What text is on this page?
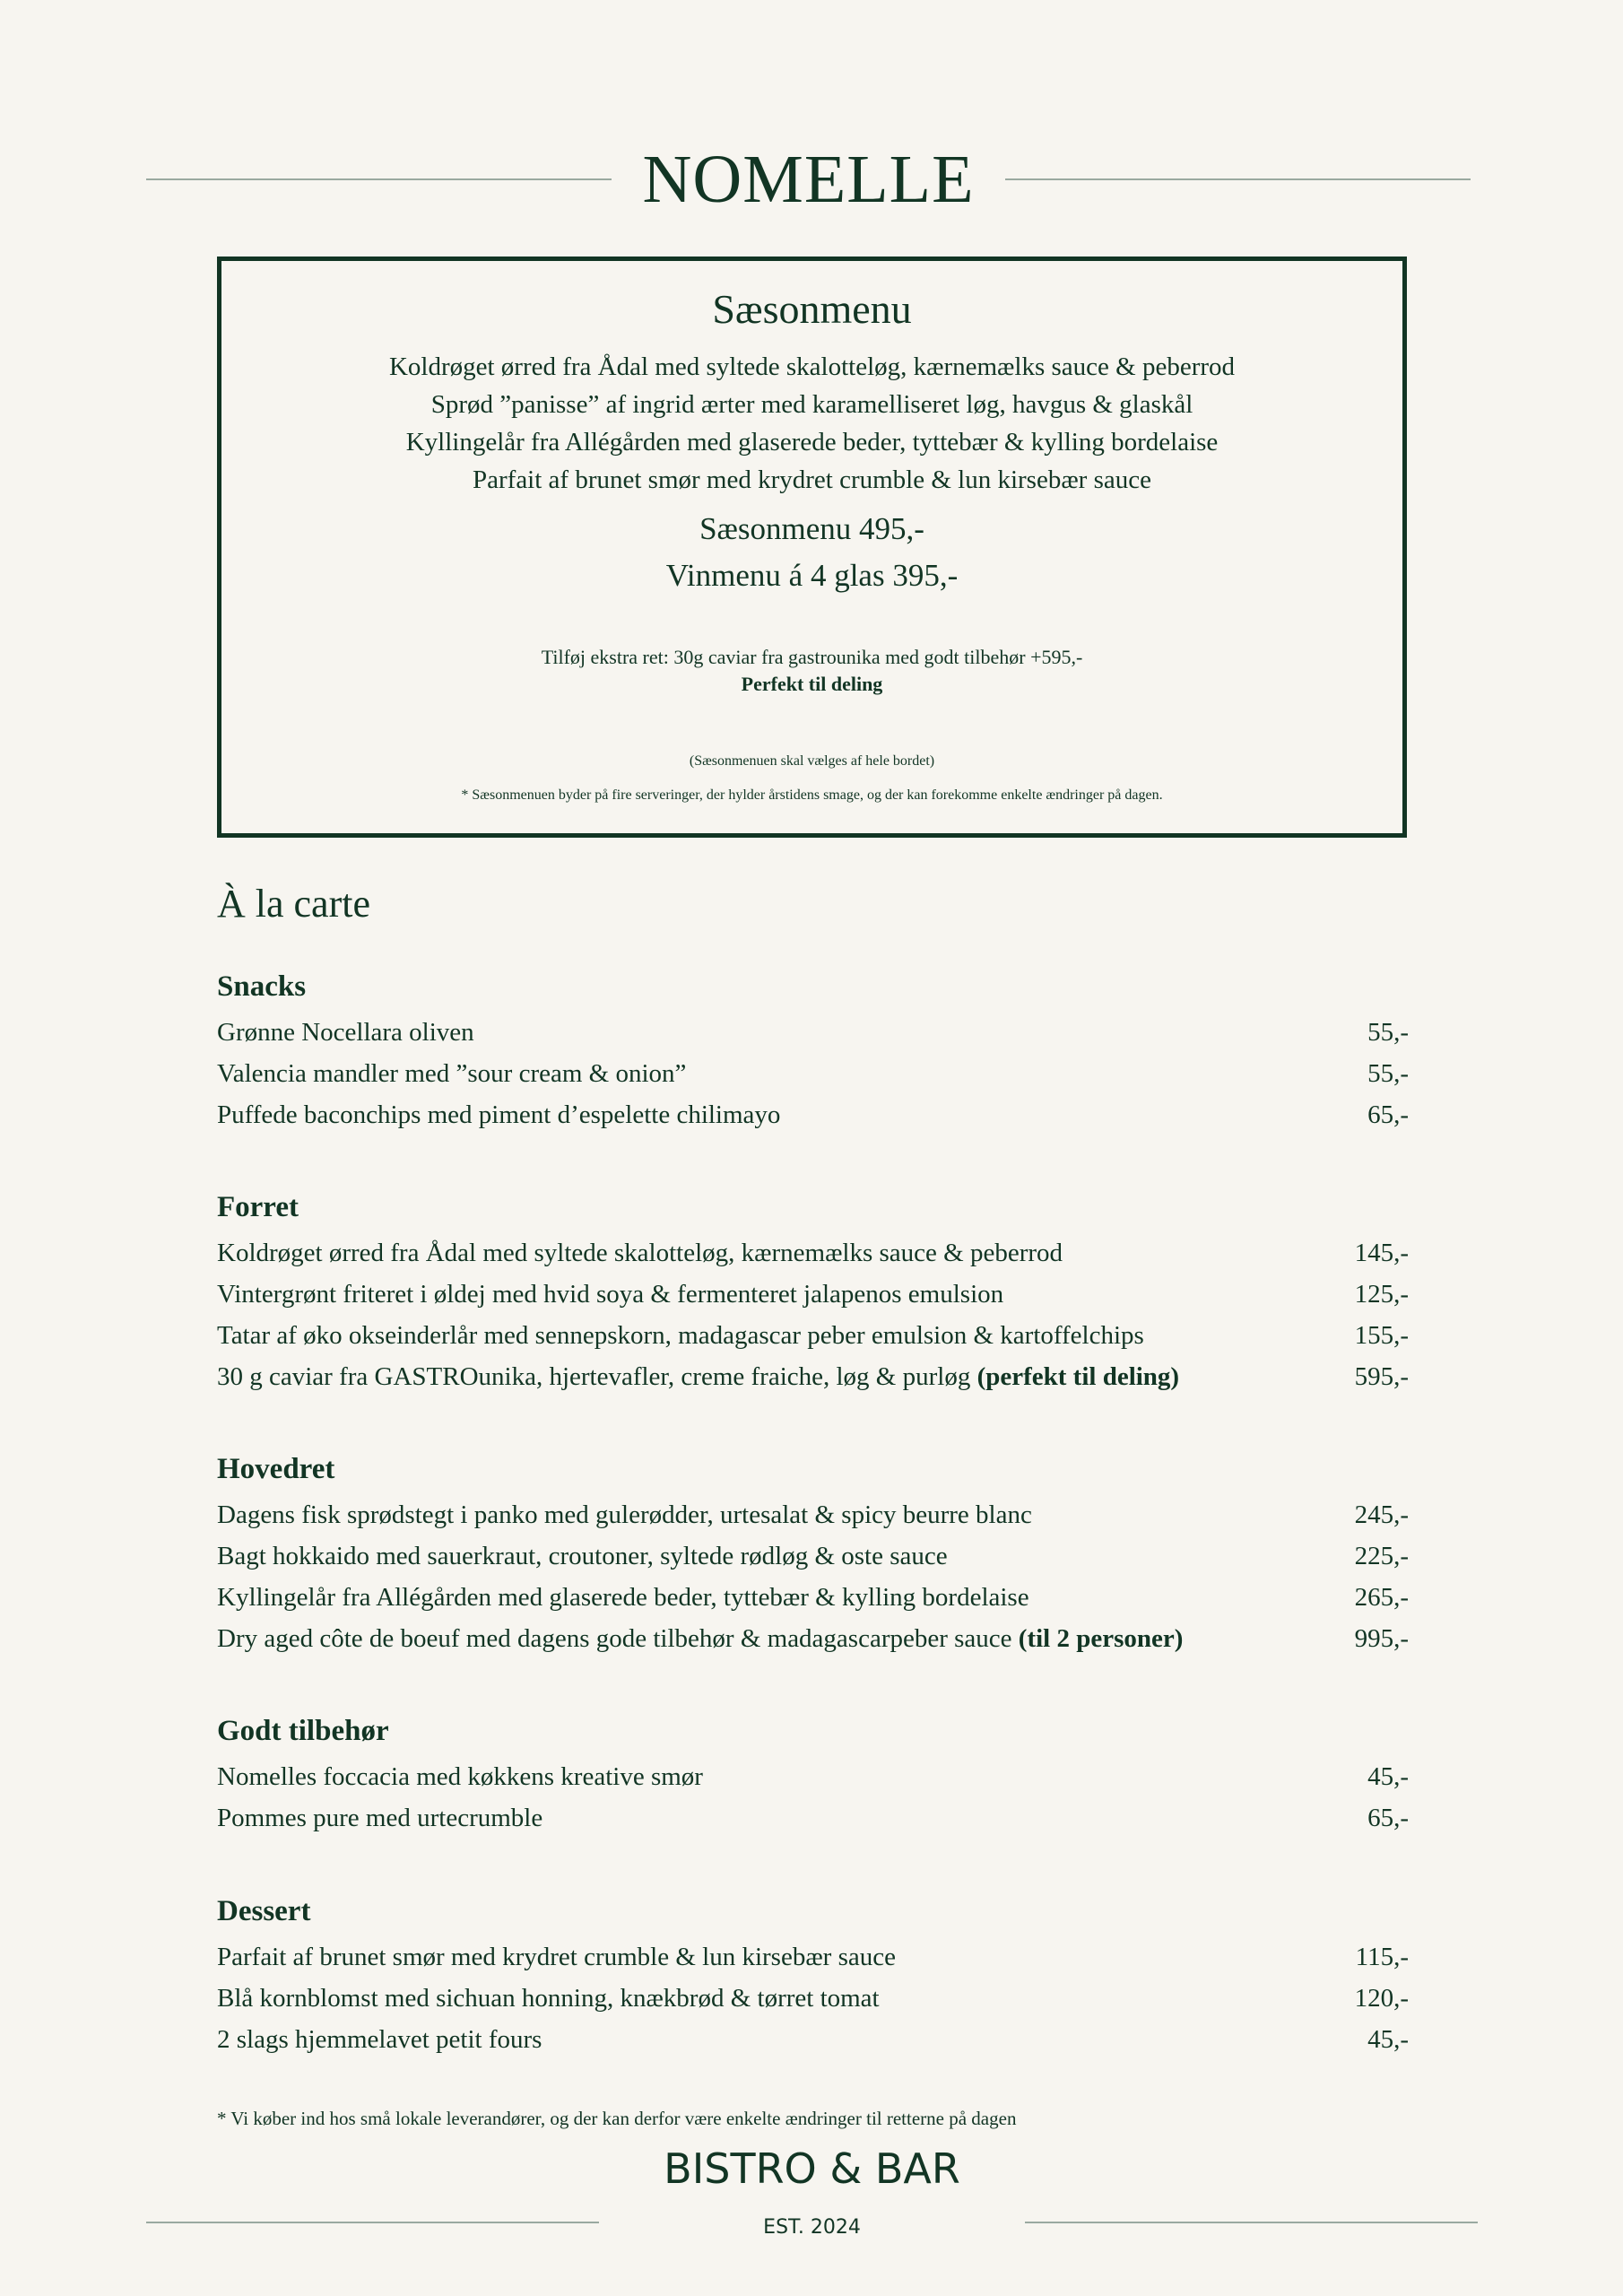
NOMELLE
Sæsonmenu
Koldrøget ørred fra Ådal med syltede skalotteløg, kærnemælks sauce & peberrod
Sprød ”panisse” af ingrid ærter med karamelliseret løg, havgus & glaskål
Kyllingelår fra Allégården med glaserede beder, tyttebær & kylling bordelaise
Parfait af brunet smør med krydret crumble & lun kirsebær sauce
Sæsonmenu 495,-
Vinmenu á 4 glas 395,-
Tilføj ekstra ret: 30g caviar fra gastrounika med godt tilbehør +595,-
Perfekt til deling
(Sæsonmenuen skal vælges af hele bordet)
* Sæsonmenuen byder på fire serveringer, der hylder årstidens smage, og der kan forekomme enkelte ændringer på dagen.
À la carte
Snacks
Grønne Nocellara oliven	55,-
Valencia mandler med ”sour cream & onion”	55,-
Puffede baconchips med piment d’espelette chilimayo	65,-
Forret
Koldrøget ørred fra Ådal med syltede skalotteløg, kærnemælks sauce & peberrod	145,-
Vintergrønt friteret i øldej med hvid soya & fermenteret jalapenos emulsion	125,-
Tatar af øko okseinderlår med sennepskorn, madagascar peber emulsion & kartoffelchips	155,-
30 g caviar fra GASTROunika, hjertevafler, creme fraiche, løg & purløg (perfekt til deling)	595,-
Hovedret
Dagens fisk sprødstegt i panko med gulerødder, urtesalat & spicy beurre blanc	245,-
Bagt hokkaido med sauerkraut, croutoner, syltede rødløg & oste sauce	225,-
Kyllingelår fra Allégården med glaserede beder, tyttebær & kylling bordelaise	265,-
Dry aged côte de boeuf med dagens gode tilbehør & madagascarpeber sauce (til 2 personer)	995,-
Godt tilbehør
Nomelles foccacia med køkkens kreative smør	45,-
Pommes pure med urtecrumble	65,-
Dessert
Parfait af brunet smør med krydret crumble & lun kirsebær sauce	115,-
Blå kornblomst med sichuan honning, knækbrød & tørret tomat	120,-
2 slags hjemmelavet petit fours	45,-
* Vi køber ind hos små lokale leverandører, og der kan derfor være enkelte ændringer til retterne på dagen
BISTRO & BAR
EST. 2024
